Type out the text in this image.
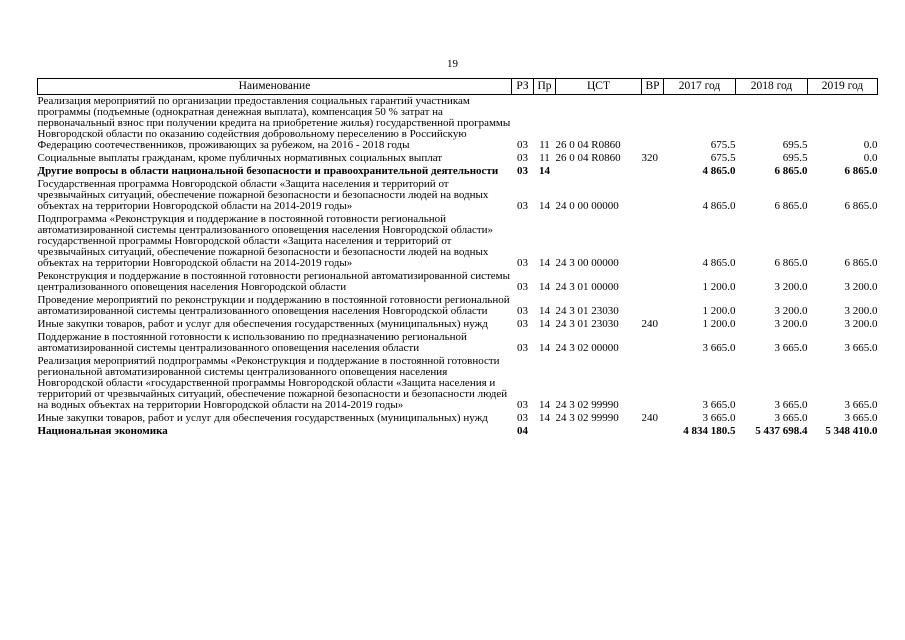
19
Наименование	РЗ	Пр	ЦСТ	ВР	2017 год	2018 год	2019 год
Реализация мероприятий по организации предоставления социальных гарантий участникам программы (подъемные (однократная денежная выплата), компенсация 50 % затрат на первоначальный взнос при получении кредита на приобретение жилья) государственной программы Новгородской области по оказанию содействия добровольному переселению в Российскую Федерацию соотечественников, проживающих за рубежом, на 2016 - 2018 годы	03	11	26 0 04 R0860		675.5	695.5	0.0
Социальные выплаты гражданам, кроме публичных нормативных социальных выплат	03	11	26 0 04 R0860	320	675.5	695.5	0.0
Другие вопросы в области национальной безопасности и правоохранительной деятельности	03	14			4 865.0	6 865.0	6 865.0
Государственная программа Новгородской области «Защита населения и территорий от чрезвычайных ситуаций, обеспечение пожарной безопасности и безопасности людей на водных объектах на территории Новгородской области на 2014-2019 годы»	03	14	24 0 00 00000		4 865.0	6 865.0	6 865.0
Подпрограмма «Реконструкция и поддержание в постоянной готовности региональной автоматизированной системы централизованного оповещения населения Новгородской области» государственной программы Новгородской области «Защита населения и территорий от чрезвычайных ситуаций, обеспечение пожарной безопасности и безопасности людей на водных объектах на территории Новгородской области на 2014-2019 годы»	03	14	24 3 00 00000		4 865.0	6 865.0	6 865.0
Реконструкция и поддержание в постоянной готовности региональной автоматизированной системы централизованного оповещения населения Новгородской области	03	14	24 3 01 00000		1 200.0	3 200.0	3 200.0
Проведение мероприятий по реконструкции и поддержанию в постоянной готовности региональной автоматизированной системы централизованного оповещения населения Новгородской области	03	14	24 3 01 23030		1 200.0	3 200.0	3 200.0
Иные закупки товаров, работ и услуг для обеспечения государственных (муниципальных) нужд	03	14	24 3 01 23030	240	1 200.0	3 200.0	3 200.0
Поддержание в постоянной готовности к использованию по предназначению региональной автоматизированной системы централизованного оповещения населения области	03	14	24 3 02 00000		3 665.0	3 665.0	3 665.0
Реализация мероприятий подпрограммы «Реконструкция и поддержание в постоянной готовности региональной автоматизированной системы централизованного оповещения населения Новгородской области «государственной программы Новгородской области «Защита населения и территорий от чрезвычайных ситуаций, обеспечение пожарной безопасности и безопасности людей на водных объектах на территории Новгородской области на 2014-2019 годы»	03	14	24 3 02 99990		3 665.0	3 665.0	3 665.0
Иные закупки товаров, работ и услуг для обеспечения государственных (муниципальных) нужд	03	14	24 3 02 99990	240	3 665.0	3 665.0	3 665.0
Национальная экономика	04				4 834 180.5	5 437 698.4	5 348 410.0
